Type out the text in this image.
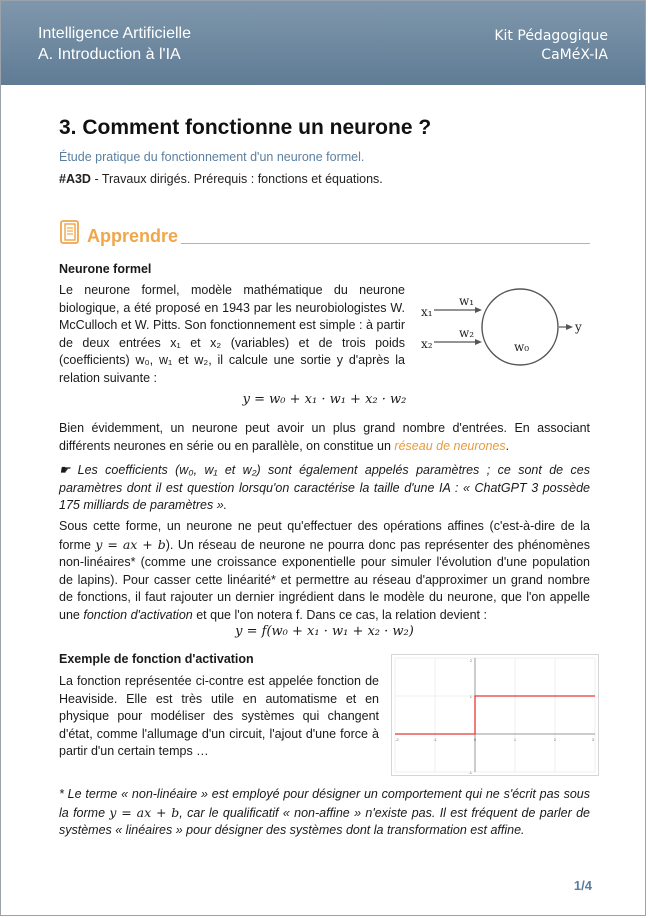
Intelligence Artificielle
A. Introduction à l'IA
Kit Pédagogique
CaMéX-IA
3. Comment fonctionne un neurone ?
Étude pratique du fonctionnement d'un neurone formel.
#A3D - Travaux dirigés. Prérequis : fonctions et équations.
Apprendre
Neurone formel
Le neurone formel, modèle mathématique du neurone biologique, a été proposé en 1943 par les neurobiologistes W. McCulloch et W. Pitts. Son fonctionnement est simple : à partir de deux entrées x₁ et x₂ (variables) et de trois poids (coefficients) w₀, w₁ et w₂, il calcule une sortie y d'après la relation suivante :
x₁
x₂
w₁
w₂
w₀
y
y = w₀ + x₁ · w₁ + x₂ · w₂
Bien évidemment, un neurone peut avoir un plus grand nombre d'entrées. En associant différents neurones en série ou en parallèle, on constitue un réseau de neurones.
☛ Les coefficients (w₀, w₁ et w₂) sont également appelés paramètres ; ce sont de ces paramètres dont il est question lorsqu'on caractérise la taille d'une IA : « ChatGPT 3 possède 175 milliards de paramètres ».
Sous cette forme, un neurone ne peut qu'effectuer des opérations affines (c'est-à-dire de la forme y = ax + b). Un réseau de neurone ne pourra donc pas représenter des phénomènes non-linéaires* (comme une croissance exponentielle pour simuler l'évolution d'une population de lapins). Pour casser cette linéarité* et permettre au réseau d'approximer un grand nombre de fonctions, il faut rajouter un dernier ingrédient dans le modèle du neurone, que l'on appelle une fonction d'activation et que l'on notera f. Dans ce cas, la relation devient :
y = f(w₀ + x₁ · w₁ + x₂ · w₂)
Exemple de fonction d'activation
La fonction représentée ci-contre est appelée fonction de Heaviside. Elle est très utile en automatisme et en physique pour modéliser des systèmes qui changent d'état, comme l'allumage d'un circuit, l'ajout d'une force à partir d'un certain temps …
-2	-1	0	1	2	3
2
1
-1
* Le terme « non-linéaire » est employé pour désigner un comportement qui ne s'écrit pas sous la forme y = ax + b, car le qualificatif « non-affine » n'existe pas. Il est fréquent de parler de systèmes « linéaires » pour désigner des systèmes dont la transformation est affine.
1/4
